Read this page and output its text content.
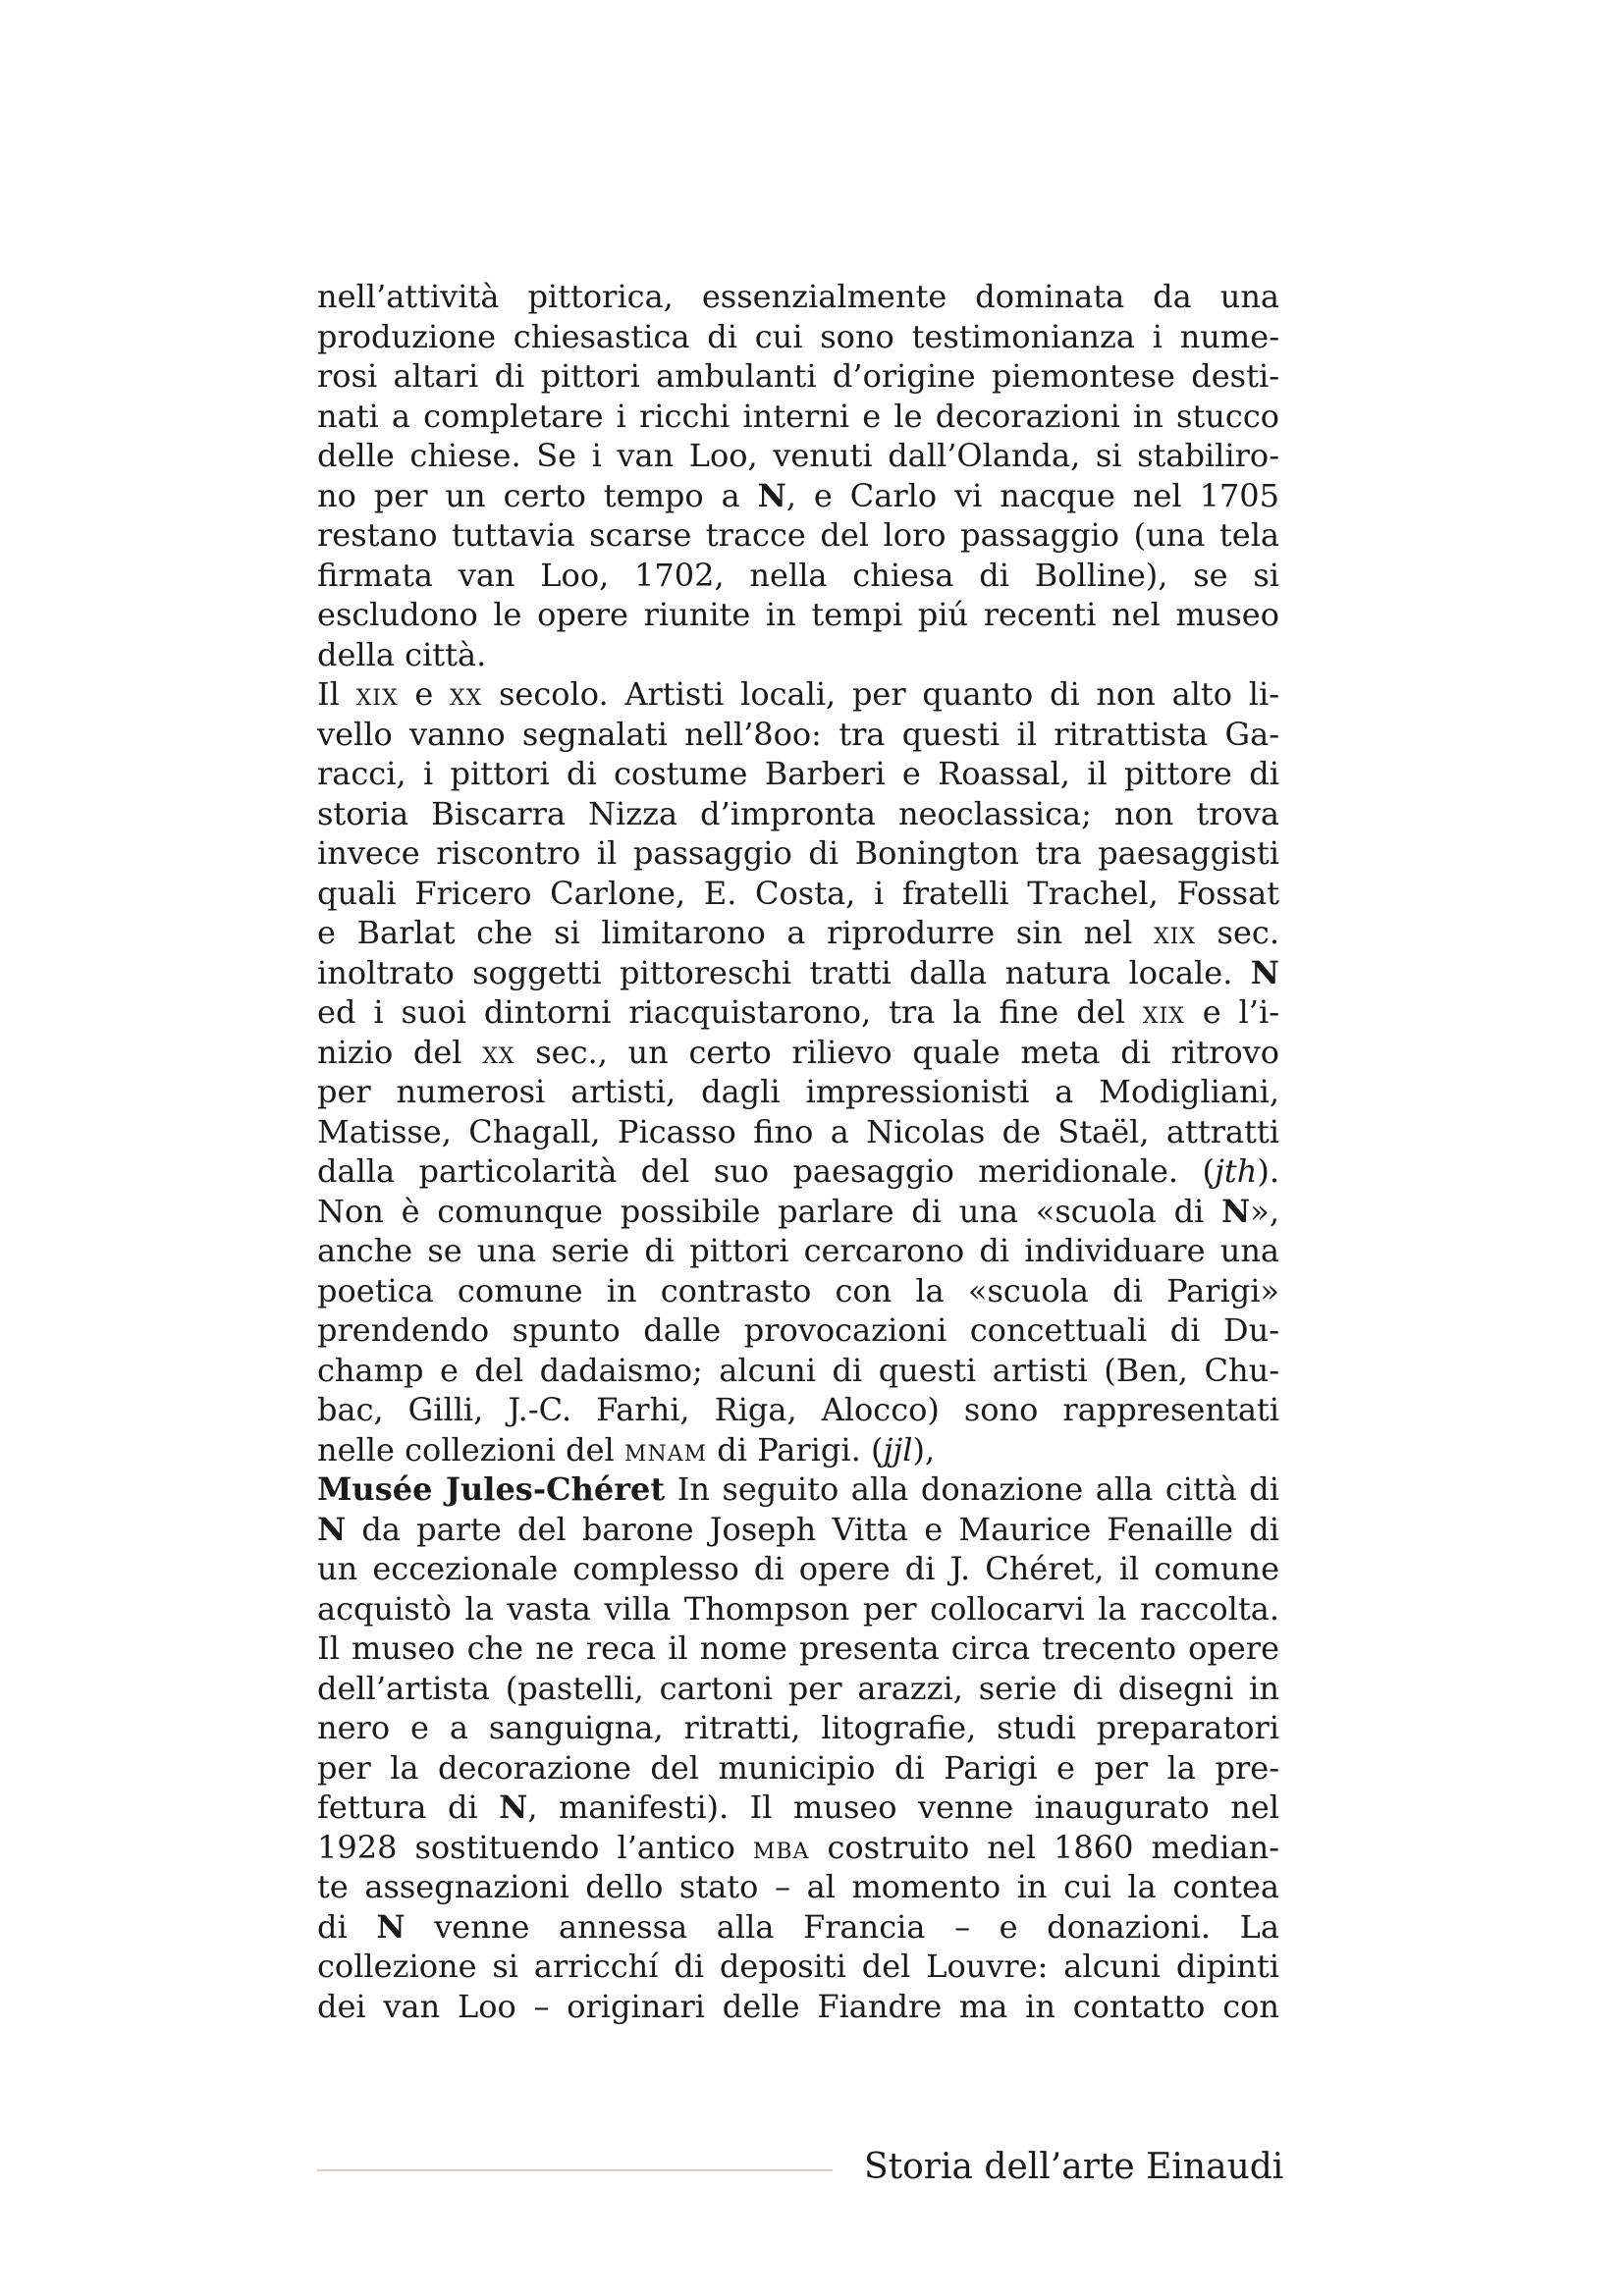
nell’attività pittorica, essenzialmente dominata da una
produzione chiesastica di cui sono testimonianza i nume-
rosi altari di pittori ambulanti d’origine piemontese desti-
nati a completare i ricchi interni e le decorazioni in stucco
delle chiese. Se i van Loo, venuti dall’Olanda, si stabiliro-
no per un certo tempo a N, e Carlo vi nacque nel 1705
restano tuttavia scarse tracce del loro passaggio (una tela
firmata van Loo, 1702, nella chiesa di Bolline), se si
escludono le opere riunite in tempi piú recenti nel museo
della città.
Il xix e xx secolo. Artisti locali, per quanto di non alto li-
vello vanno segnalati nell’8oo: tra questi il ritrattista Ga-
racci, i pittori di costume Barberi e Roassal, il pittore di
storia Biscarra Nizza d’impronta neoclassica; non trova
invece riscontro il passaggio di Bonington tra paesaggisti
quali Fricero Carlone, E. Costa, i fratelli Trachel, Fossat
e Barlat che si limitarono a riprodurre sin nel xix sec.
inoltrato soggetti pittoreschi tratti dalla natura locale. N
ed i suoi dintorni riacquistarono, tra la fine del xix e l’i-
nizio del xx sec., un certo rilievo quale meta di ritrovo
per numerosi artisti, dagli impressionisti a Modigliani,
Matisse, Chagall, Picasso fino a Nicolas de Staël, attratti
dalla particolarità del suo paesaggio meridionale. (jth).
Non è comunque possibile parlare di una «scuola di N»,
anche se una serie di pittori cercarono di individuare una
poetica comune in contrasto con la «scuola di Parigi»
prendendo spunto dalle provocazioni concettuali di Du-
champ e del dadaismo; alcuni di questi artisti (Ben, Chu-
bac, Gilli, J.-C. Farhi, Riga, Alocco) sono rappresentati
nelle collezioni del mnam di Parigi. (jjl),
Musée Jules-Chéret In seguito alla donazione alla città di
N da parte del barone Joseph Vitta e Maurice Fenaille di
un eccezionale complesso di opere di J. Chéret, il comune
acquistò la vasta villa Thompson per collocarvi la raccolta.
Il museo che ne reca il nome presenta circa trecento opere
dell’artista (pastelli, cartoni per arazzi, serie di disegni in
nero e a sanguigna, ritratti, litografie, studi preparatori
per la decorazione del municipio di Parigi e per la pre-
fettura di N, manifesti). Il museo venne inaugurato nel
1928 sostituendo l’antico mba costruito nel 1860 median-
te assegnazioni dello stato – al momento in cui la contea
di N venne annessa alla Francia – e donazioni. La
collezione si arricchí di depositi del Louvre: alcuni dipinti
dei van Loo – originari delle Fiandre ma in contatto con
Storia dell’arte Einaudi
